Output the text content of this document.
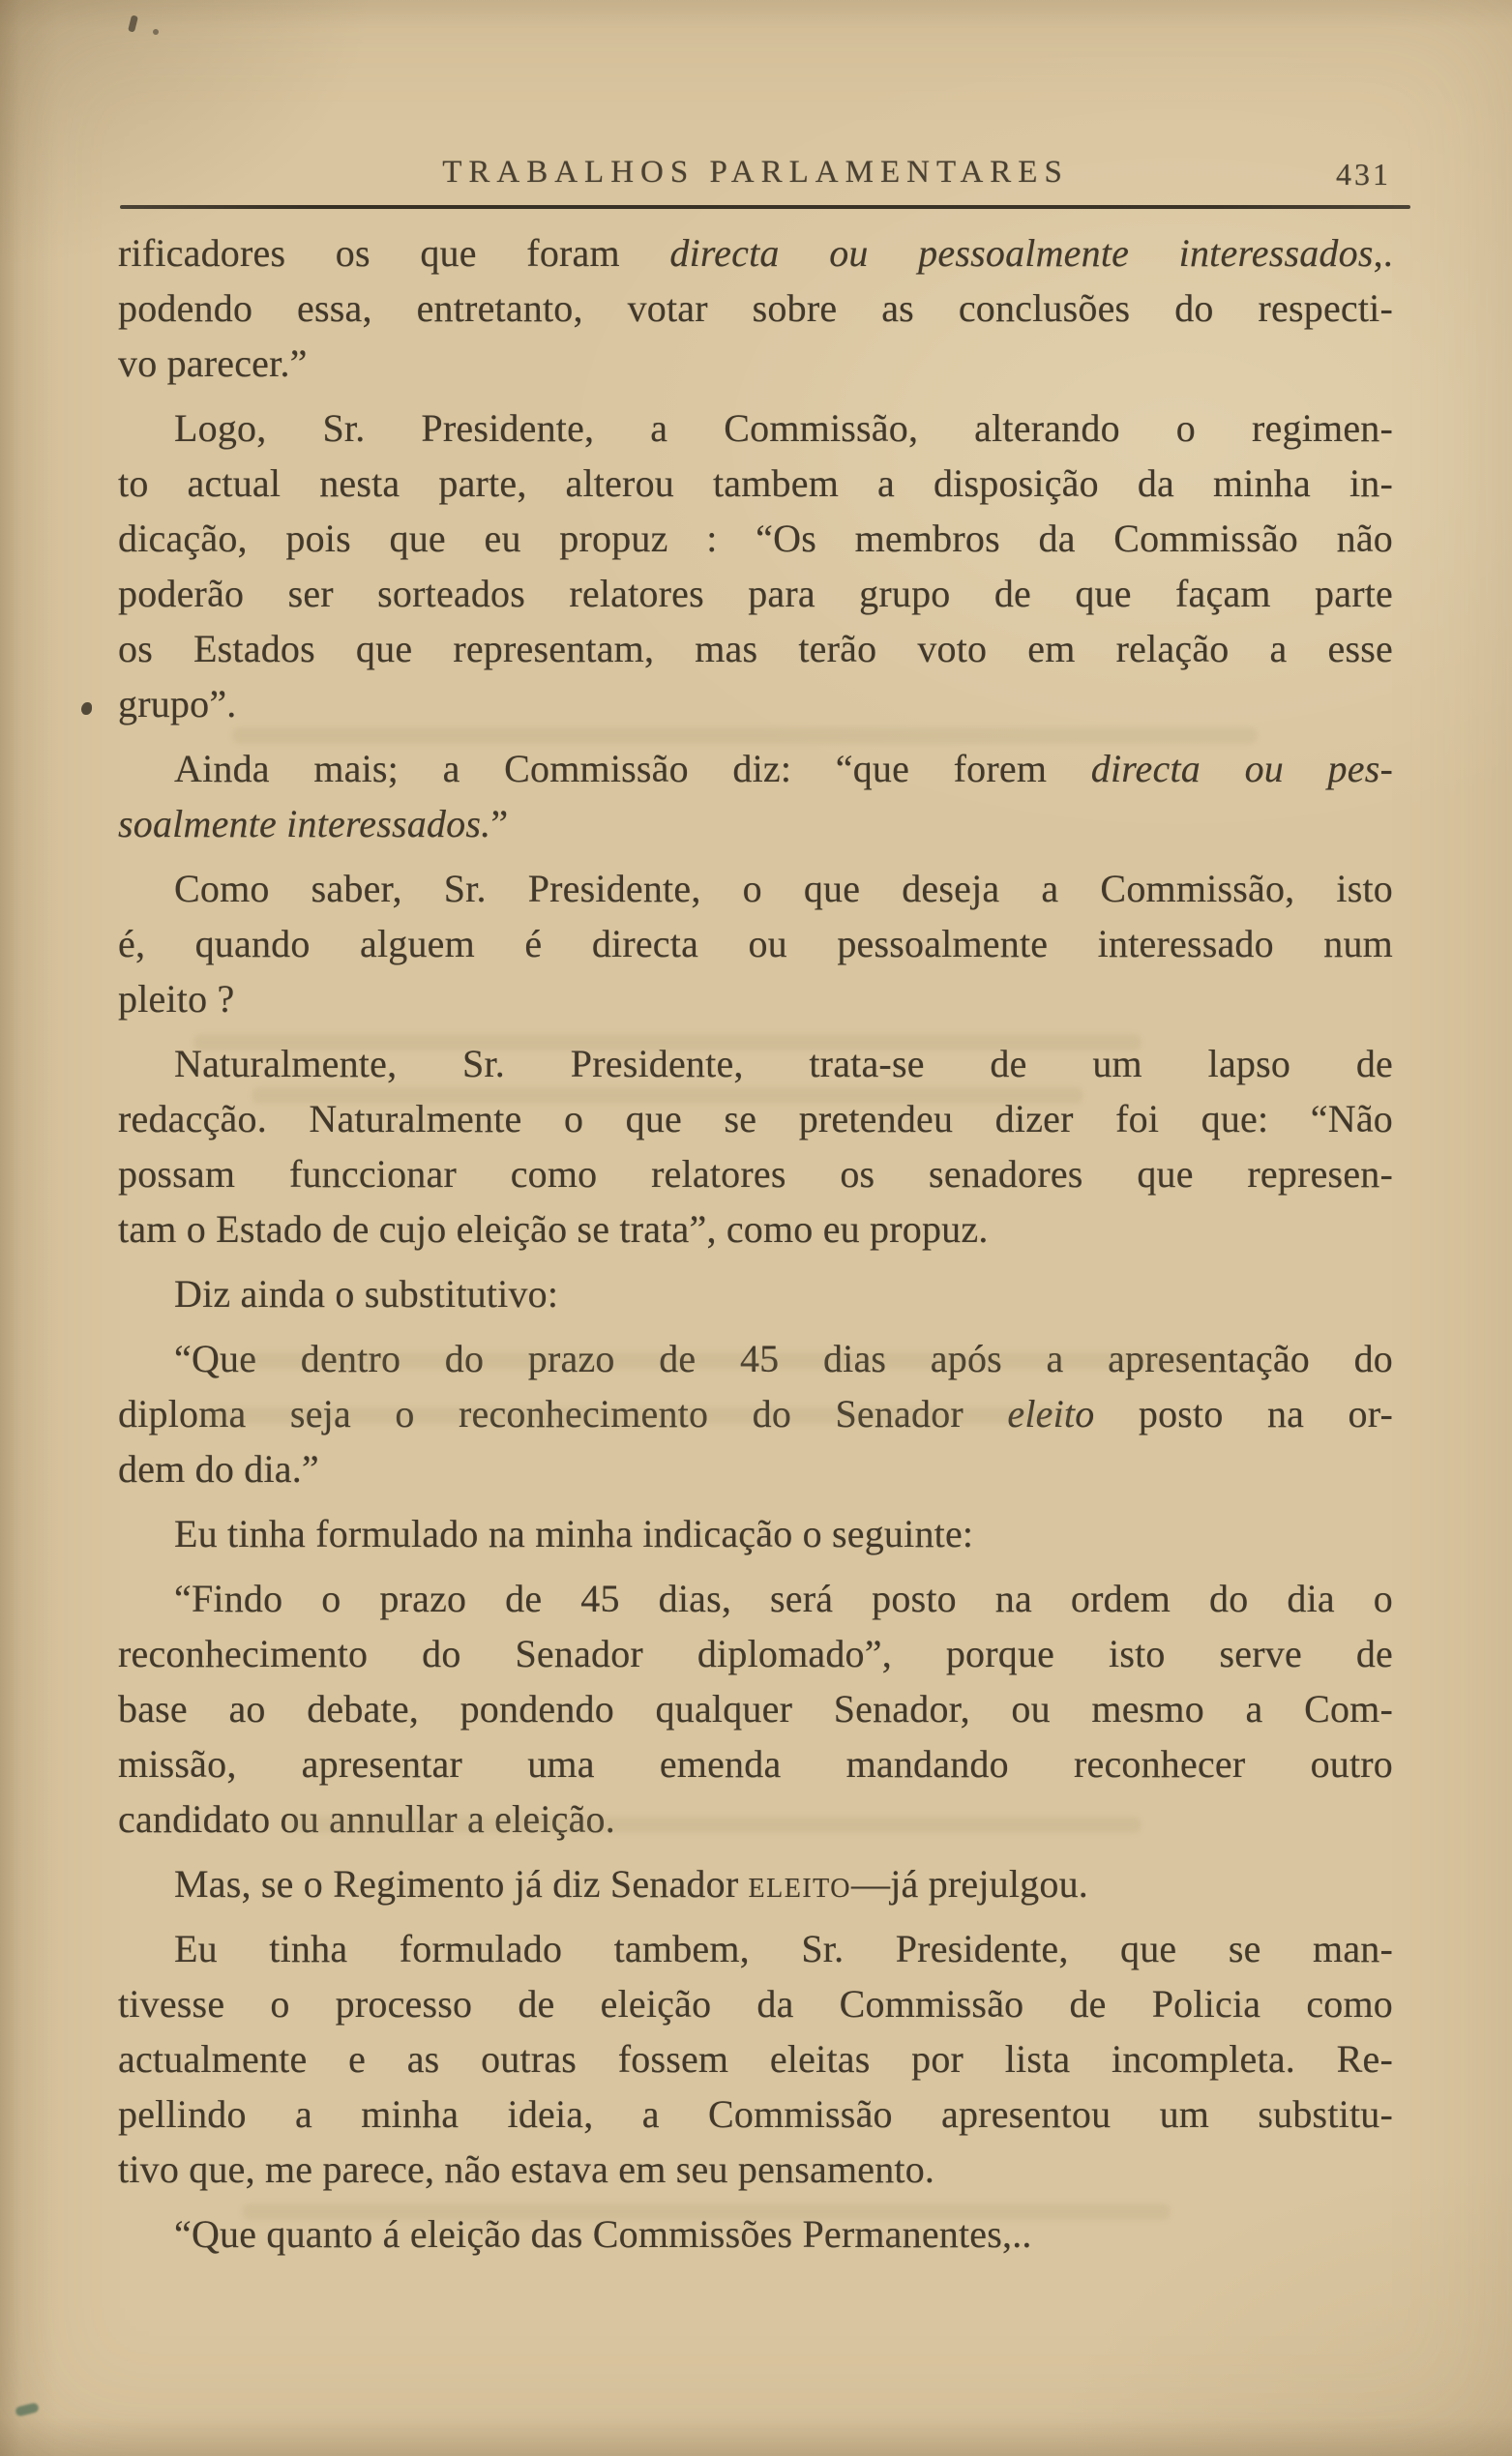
TRABALHOS PARLAMENTARES	431
rificadores os que foram directa ou pessoalmente interessados,.
podendo essa, entretanto, votar sobre as conclusões do respecti-
vo parecer.”
Logo, Sr. Presidente, a Commissão, alterando o regimen-
to actual nesta parte, alterou tambem a disposição da minha in-
dicação, pois que eu propuz : “Os membros da Commissão não
poderão ser sorteados relatores para grupo de que façam parte
os Estados que representam, mas terão voto em relação a esse
grupo”.
Ainda mais; a Commissão diz: “que forem directa ou pes-
soalmente interessados.”
Como saber, Sr. Presidente, o que deseja a Commissão, isto
é, quando alguem é directa ou pessoalmente interessado num
pleito ?
Naturalmente, Sr. Presidente, trata-se de um lapso de
redacção. Naturalmente o que se pretendeu dizer foi que: “Não
possam funccionar como relatores os senadores que represen-
tam o Estado de cujo eleição se trata”, como eu propuz.
Diz ainda o substitutivo:
“Que dentro do prazo de 45 dias após a apresentação do
diploma seja o reconhecimento do Senador eleito posto na or-
dem do dia.”
Eu tinha formulado na minha indicação o seguinte:
“Findo o prazo de 45 dias, será posto na ordem do dia o
reconhecimento do Senador diplomado”, porque isto serve de
base ao debate, pondendo qualquer Senador, ou mesmo a Com-
missão, apresentar uma emenda mandando reconhecer outro
candidato ou annullar a eleição.
Mas, se o Regimento já diz Senador eleito—já prejulgou.
Eu tinha formulado tambem, Sr. Presidente, que se man-
tivesse o processo de eleição da Commissão de Policia como
actualmente e as outras fossem eleitas por lista incompleta. Re-
pellindo a minha ideia, a Commissão apresentou um substitu-
tivo que, me parece, não estava em seu pensamento.
“Que quanto á eleição das Commissões Permanentes,..
